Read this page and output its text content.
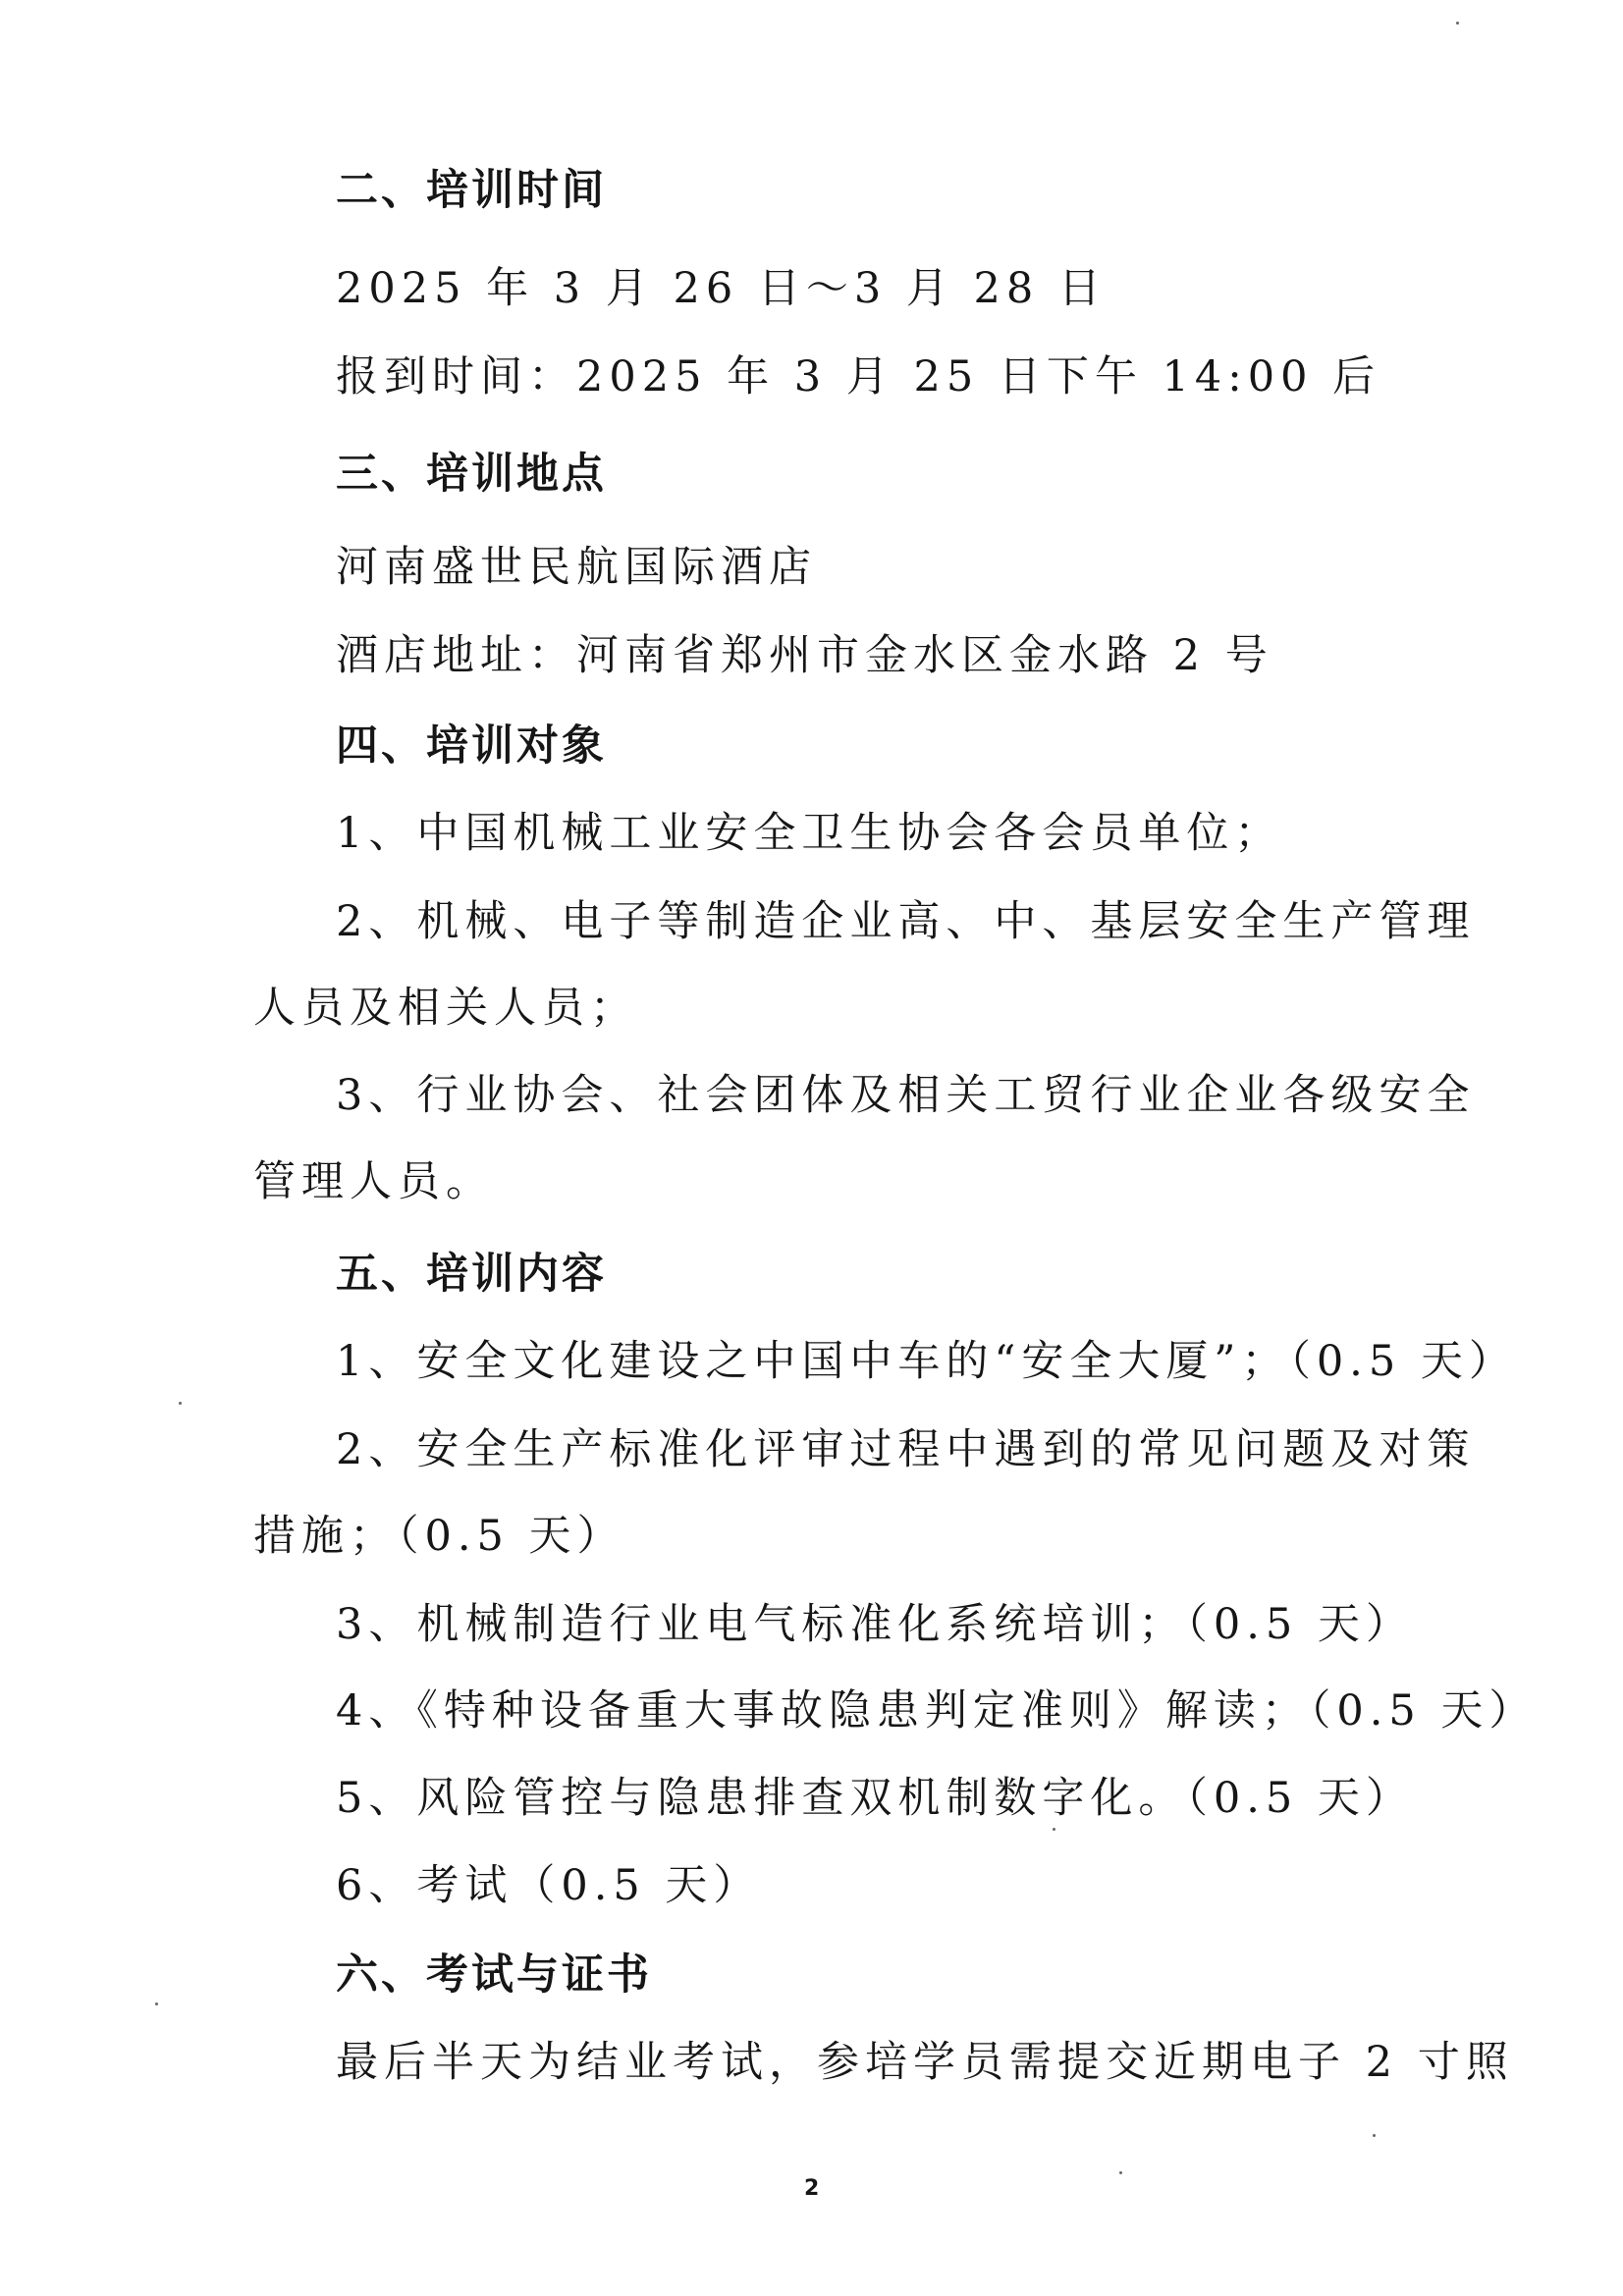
二、培训时间
2025 年 3 月 26 日～3 月 28 日
报到时间：2025 年 3 月 25 日下午 14:00 后
三、培训地点
河南盛世民航国际酒店
酒店地址：河南省郑州市金水区金水路 2 号
四、培训对象
1、中国机械工业安全卫生协会各会员单位；
2、机械、电子等制造企业高、中、基层安全生产管理
人员及相关人员；
3、行业协会、社会团体及相关工贸行业企业各级安全
管理人员。
五、培训内容
1、安全文化建设之中国中车的“安全大厦”；（0.5 天）
2、安全生产标准化评审过程中遇到的常见问题及对策
措施；（0.5 天）
3、机械制造行业电气标准化系统培训；（0.5 天）
4、《特种设备重大事故隐患判定准则》解读；（0.5 天）
5、风险管控与隐患排查双机制数字化。（0.5 天）
6、考试（0.5 天）
六、考试与证书
最后半天为结业考试，参培学员需提交近期电子 2 寸照
2
